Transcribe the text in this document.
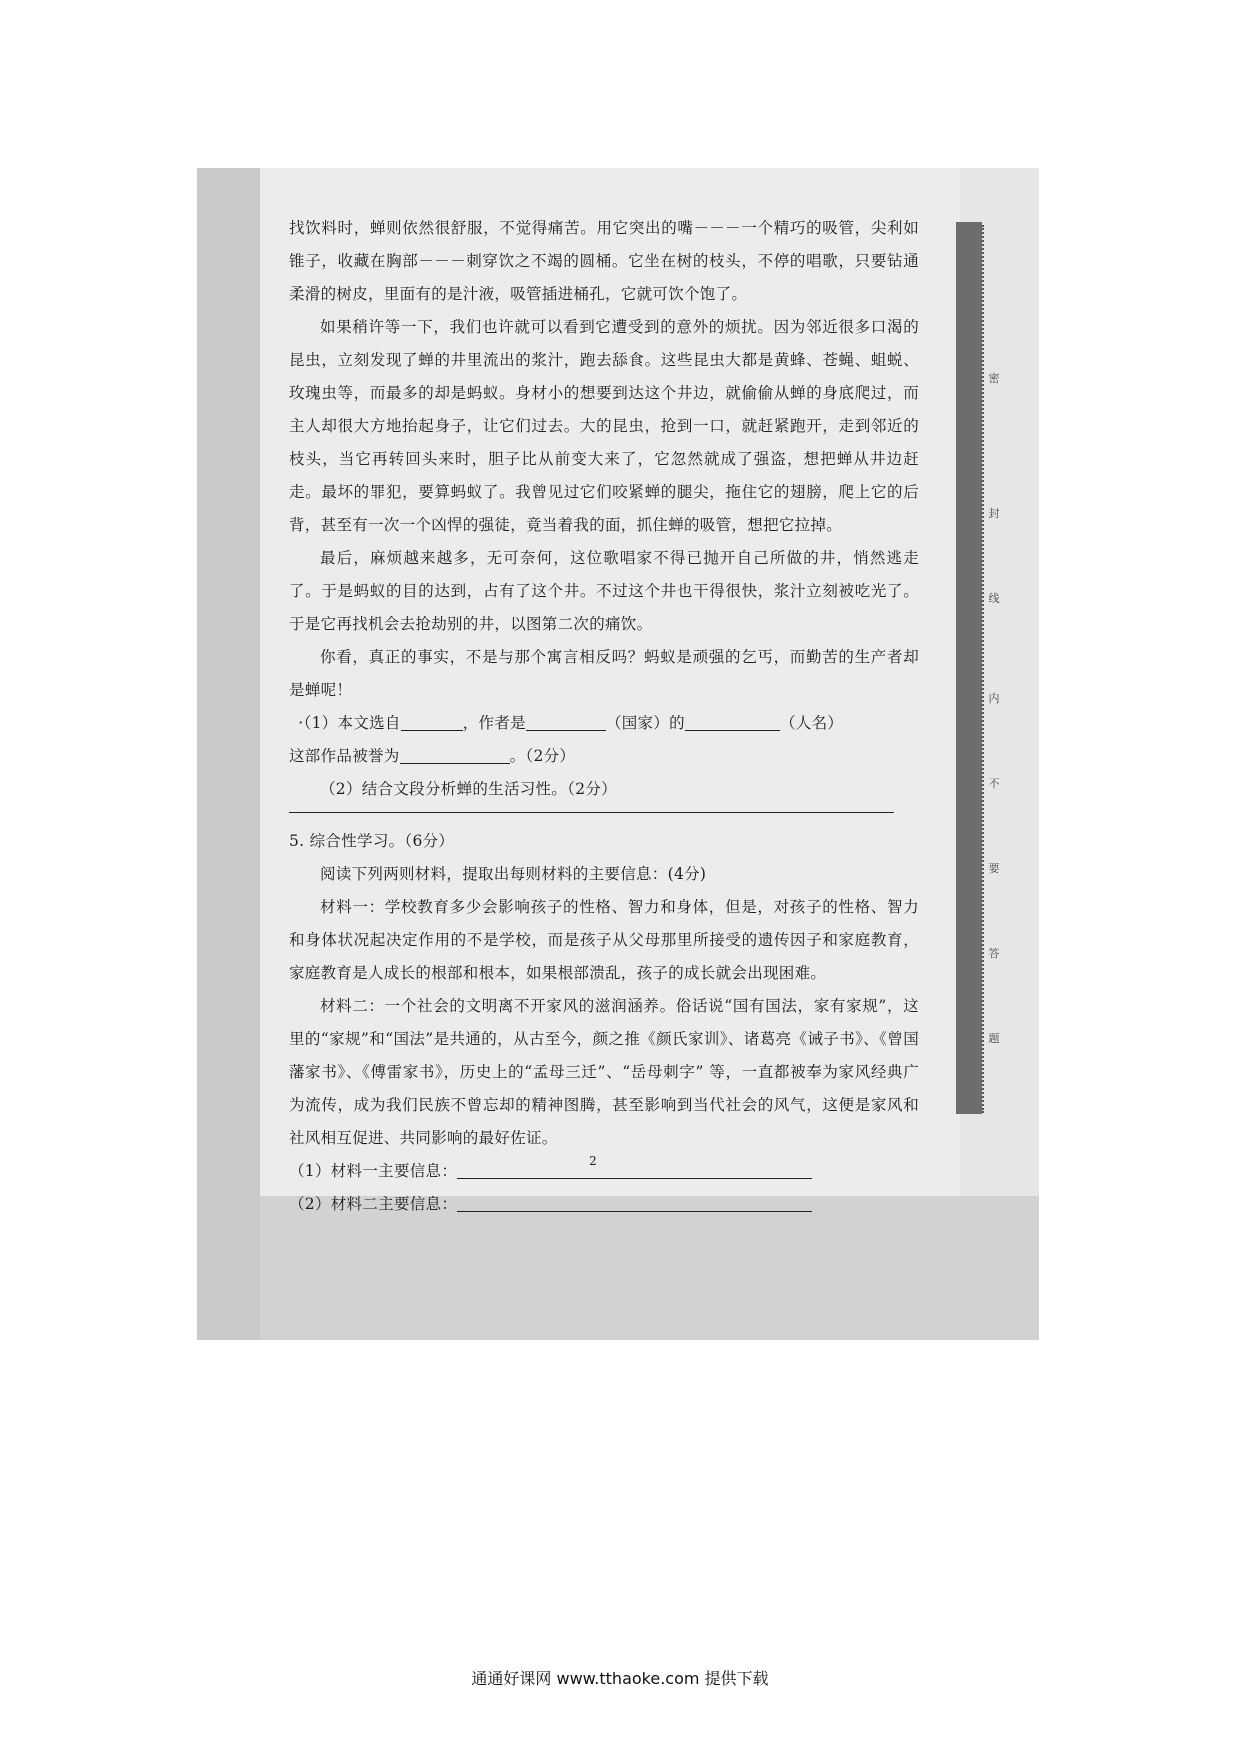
密
封
线
内
不
要
答
题

找饮料时，蝉则依然很舒服，不觉得痛苦。用它突出的嘴－－－一个精巧的吸管，尖利如锥子，收藏在胸部－－－刺穿饮之不竭的圆桶。它坐在树的枝头，不停的唱歌，只要钻通柔滑的树皮，里面有的是汁液，吸管插进桶孔，它就可饮个饱了。

如果稍许等一下，我们也许就可以看到它遭受到的意外的烦扰。因为邻近很多口渴的昆虫，立刻发现了蝉的井里流出的浆汁，跑去舔食。这些昆虫大都是黄蜂、苍蝇、蛆蜕、玫瑰虫等，而最多的却是蚂蚁。身材小的想要到达这个井边，就偷偷从蝉的身底爬过，而主人却很大方地抬起身子，让它们过去。大的昆虫，抢到一口，就赶紧跑开，走到邻近的枝头，当它再转回头来时，胆子比从前变大来了，它忽然就成了强盗，想把蝉从井边赶走。最坏的罪犯，要算蚂蚁了。我曾见过它们咬紧蝉的腿尖，拖住它的翅膀，爬上它的后背，甚至有一次一个凶悍的强徒，竟当着我的面，抓住蝉的吸管，想把它拉掉。

最后，麻烦越来越多，无可奈何，这位歌唱家不得已抛开自己所做的井，悄然逃走了。于是蚂蚁的目的达到，占有了这个井。不过这个井也干得很快，浆汁立刻被吃光了。于是它再找机会去抢劫别的井，以图第二次的痛饮。

你看，真正的事实，不是与那个寓言相反吗？蚂蚁是顽强的乞丐，而勤苦的生产者却是蝉呢！

·（1）本文选自	，作者是	（国家）的	（人名）

这部作品被誉为	。（2分）

（2）结合文段分析蝉的生活习性。（2分）

5. 综合性学习。（6分）

阅读下列两则材料，提取出每则材料的主要信息：(4分)

材料一：学校教育多少会影响孩子的性格、智力和身体，但是，对孩子的性格、智力和身体状况起决定作用的不是学校，而是孩子从父母那里所接受的遗传因子和家庭教育，家庭教育是人成长的根部和根本，如果根部溃乱，孩子的成长就会出现困难。

材料二：一个社会的文明离不开家风的滋润涵养。俗话说“国有国法，家有家规”，这里的“家规”和“国法”是共通的，从古至今，颜之推《颜氏家训》、诸葛亮《诫子书》、《曾国藩家书》、《傅雷家书》，历史上的“孟母三迁”、“岳母刺字” 等，一直都被奉为家风经典广为流传，成为我们民族不曾忘却的精神图腾，甚至影响到当代社会的风气，这便是家风和社风相互促进、共同影响的最好佐证。

（1）材料一主要信息：

（2）材料二主要信息：

2
通通好课网 www.tthaoke.com 提供下载
